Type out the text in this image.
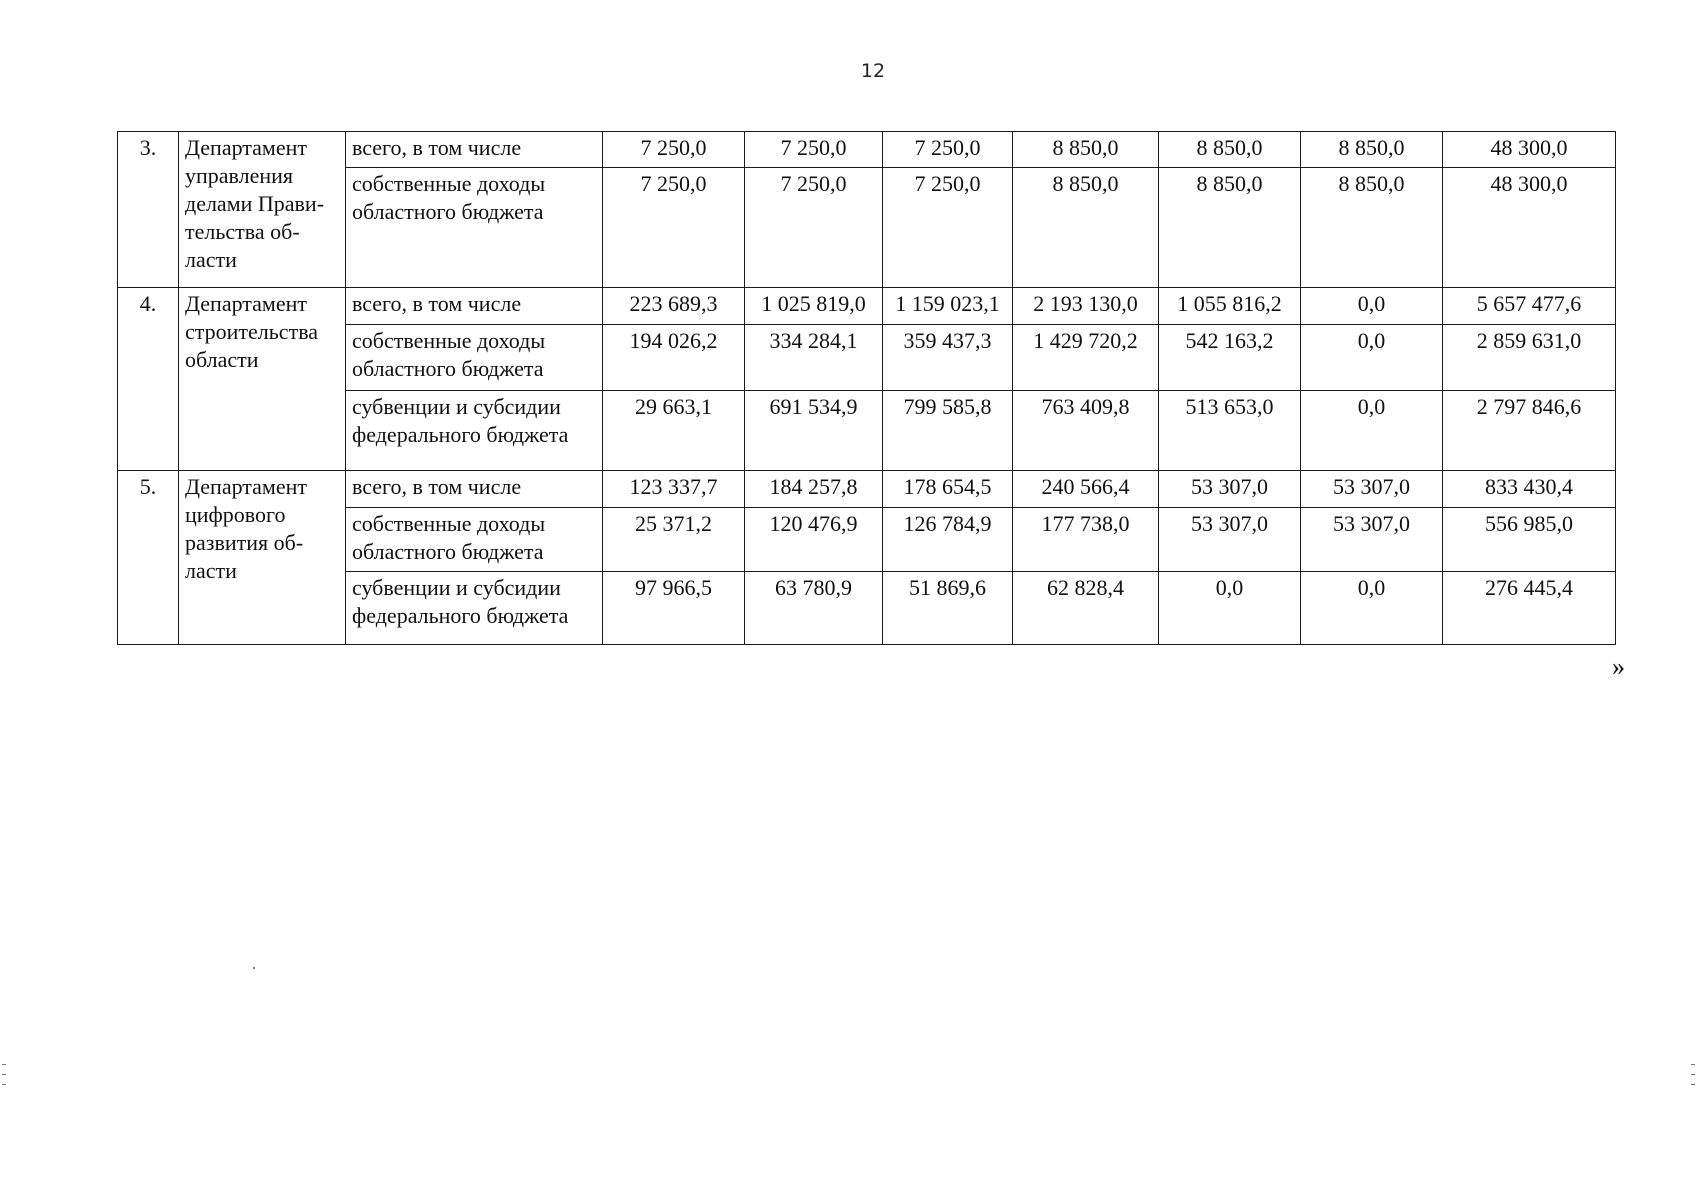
12
3.	Департамент управления делами Прави- тельства об- ласти	всего, в том числе	7 250,0	7 250,0	7 250,0	8 850,0	8 850,0	8 850,0	48 300,0
		собственные доходы областного бюджета	7 250,0	7 250,0	7 250,0	8 850,0	8 850,0	8 850,0	48 300,0
4.	Департамент строительства области	всего, в том числе	223 689,3	1 025 819,0	1 159 023,1	2 193 130,0	1 055 816,2	0,0	5 657 477,6
		собственные доходы областного бюджета	194 026,2	334 284,1	359 437,3	1 429 720,2	542 163,2	0,0	2 859 631,0
		субвенции и субсидии федерального бюджета	29 663,1	691 534,9	799 585,8	763 409,8	513 653,0	0,0	2 797 846,6
5.	Департамент цифрового развития об- ласти	всего, в том числе	123 337,7	184 257,8	178 654,5	240 566,4	53 307,0	53 307,0	833 430,4
		собственные доходы областного бюджета	25 371,2	120 476,9	126 784,9	177 738,0	53 307,0	53 307,0	556 985,0
		субвенции и субсидии федерального бюджета	97 966,5	63 780,9	51 869,6	62 828,4	0,0	0,0	276 445,4
»
